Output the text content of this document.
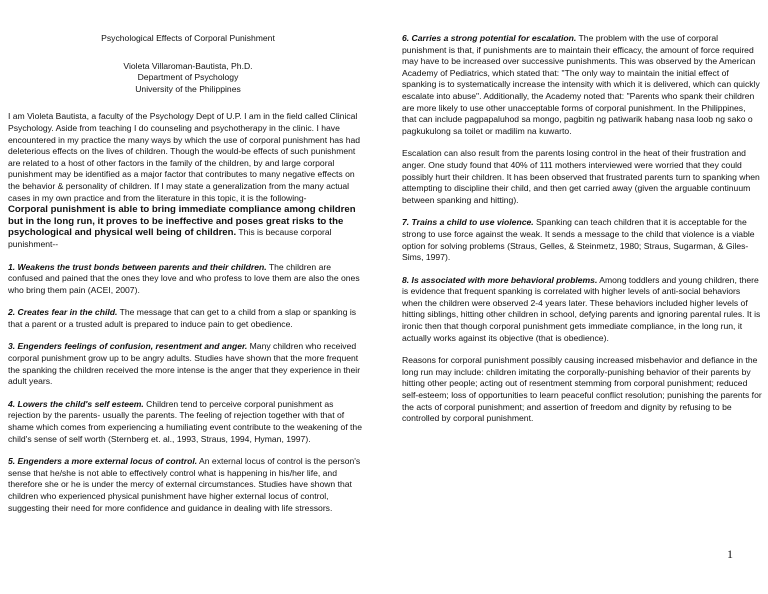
Psychological Effects of Corporal Punishment
Violeta Villaroman-Bautista, Ph.D.
Department of Psychology
University of the Philippines

I am Violeta Bautista, a faculty of the Psychology Dept of U.P. I am in the field called Clinical Psychology. Aside from teaching I do counseling and psychotherapy in the clinic. I have encountered in my practice the many ways by which the use of corporal punishment has had deleterious effects on the lives of children. Though the would-be effects of such punishment are related to a host of other factors in the family of the children, by and large corporal punishment may be identified as a major factor that contributes to many negative effects on the behavior & personality of children. If I may state a generalization from the many actual cases in my own practice and from the literature in this topic, it is the following-
Corporal punishment is able to bring immediate compliance among children but in the long run, it proves to be ineffective and poses great risks to the psychological and physical well being of children. This is because corporal punishment--

1. Weakens the trust bonds between parents and their children. The children are confused and pained that the ones they love and who profess to love them are also the ones who bring them pain (ACEI, 2007).

2. Creates fear in the child. The message that can get to a child from a slap or spanking is that a parent or a trusted adult is prepared to induce pain to get obedience.

3. Engenders feelings of confusion, resentment and anger. Many children who received corporal punishment grow up to be angry adults. Studies have shown that the more frequent the spanking the children received the more intense is the anger that they experience in their adult years.

4. Lowers the child's self esteem. Children tend to perceive corporal punishment as rejection by the parents- usually the parents. The feeling of rejection together with that of shame which comes from experiencing a humiliating event contribute to the weakening of the child's sense of self worth (Sternberg et. al., 1993, Straus, 1994, Hyman, 1997).

5. Engenders a more external locus of control. An external locus of control is the person's sense that he/she is not able to effectively control what is happening in his/her life, and therefore she or he is under the mercy of external circumstances. Studies have shown that children who experienced physical punishment have higher external locus of control, suggesting their need for more confidence and guidance in dealing with life stressors.

6. Carries a strong potential for escalation. The problem with the use of corporal punishment is that, if punishments are to maintain their efficacy, the amount of force required may have to be increased over successive punishments. This was observed by the American Academy of Pediatrics, which stated that: "The only way to maintain the initial effect of spanking is to systematically increase the intensity with which it is delivered, which can quickly escalate into abuse". Additionally, the Academy noted that: "Parents who spank their children are more likely to use other unacceptable forms of corporal punishment. In the Philippines, that can include pagpapaluhod sa mongo, pagbitin ng patiwarik habang nasa loob ng sako o pagkukulong sa toilet or madilim na kuwarto.

Escalation can also result from the parents losing control in the heat of their frustration and anger. One study found that 40% of 111 mothers interviewed were worried that they could possibly hurt their children. It has been observed that frustrated parents turn to spanking when attempting to discipline their child, and then get carried away (given the arguable continuum between spanking and hitting).

7. Trains a child to use violence. Spanking can teach children that it is acceptable for the strong to use force against the weak. It sends a message to the child that violence is a viable option for solving problems (Straus, Gelles, & Steinmetz, 1980; Straus, Sugarman, & Giles-Sims, 1997).

8. Is associated with more behavioral problems. Among toddlers and young children, there is evidence that frequent spanking is correlated with higher levels of anti-social behaviors when the children were observed 2-4 years later. These behaviors included higher levels of hitting siblings, hitting other children in school, defying parents and ignoring parental rules. It is ironic then that though corporal punishment gets immediate compliance, in the long run, it actually works against its objective (that is obedience).

Reasons for corporal punishment possibly causing increased misbehavior and defiance in the long run may include: children imitating the corporally-punishing behavior of their parents by hitting other people; acting out of resentment stemming from corporal punishment; reduced self-esteem; loss of opportunities to learn peaceful conflict resolution; punishing the parents for the acts of corporal punishment; and assertion of freedom and dignity by refusing to be controlled by corporal punishment.

1
